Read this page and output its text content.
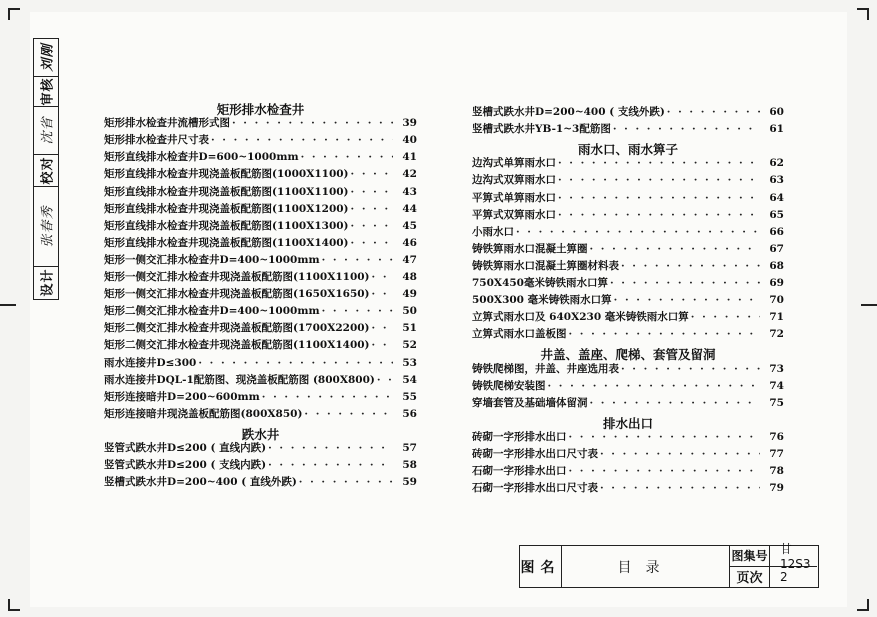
刘刚
审核
沈省
校对
张春秀
设计
矩形排水检查井
矩形排水检查井流槽形式图 · · ·	39
矩形排水检查井尺寸表 · · ·	40
矩形直线排水检查井D=600~1000mm · · ·	41
矩形直线排水检查井现浇盖板配筋图(1000X1100) · · ·	42
矩形直线排水检查井现浇盖板配筋图(1100X1100) · · ·	43
矩形直线排水检查井现浇盖板配筋图(1100X1200) · · ·	44
矩形直线排水检查井现浇盖板配筋图(1100X1300) · · ·	45
矩形直线排水检查井现浇盖板配筋图(1100X1400) · · ·	46
矩形一侧交汇排水检查井D=400~1000mm · · ·	47
矩形一侧交汇排水检查井现浇盖板配筋图(1100X1100) · · ·	48
矩形一侧交汇排水检查井现浇盖板配筋图(1650X1650) · · ·	49
矩形二侧交汇排水检查井D=400~1000mm · · ·	50
矩形二侧交汇排水检查井现浇盖板配筋图(1700X2200) · · ·	51
矩形二侧交汇排水检查井现浇盖板配筋图(1100X1400) · · ·	52
雨水连接井D≤300 · · ·	53
雨水连接井DQL-1配筋图、现浇盖板配筋图 (800X800) · · ·	54
矩形连接暗井D=200~600mm · · ·	55
矩形连接暗井现浇盖板配筋图(800X850) · · ·	56
跌水井
竖管式跌水井D≤200 ( 直线内跌) · · ·	57
竖管式跌水井D≤200 ( 支线内跌) · · ·	58
竖槽式跌水井D=200~400 ( 直线外跌) · · ·	59
竖槽式跌水井D=200~400 ( 支线外跌) · · ·	60
竖槽式跌水井YB-1~3配筋图 · · ·	61
雨水口、雨水箅子
边沟式单箅雨水口 · · ·	62
边沟式双箅雨水口 · · ·	63
平箅式单箅雨水口 · · ·	64
平箅式双箅雨水口 · · ·	65
小雨水口 · · ·	66
铸铁箅雨水口混凝土箅圈 · · ·	67
铸铁箅雨水口混凝土箅圈材料表 · · ·	68
750X450毫米铸铁雨水口箅 · · ·	69
500X300 毫米铸铁雨水口箅 · · ·	70
立箅式雨水口及 640X230 毫米铸铁雨水口箅 · · ·	71
立箅式雨水口盖板图 · · ·	72
井盖、盖座、爬梯、套管及留洞
铸铁爬梯图，井盖、井座选用表 · · ·	73
铸铁爬梯安装图 · · ·	74
穿墙套管及基础墙体留洞 · · ·	75
排水出口
砖砌一字形排水出口 · · ·	76
砖砌一字形排水出口尺寸表 · · ·	77
石砌一字形排水出口 · · ·	78
石砌一字形排水出口尺寸表 · · ·	79
图名	目录
图集号	甘12S3
页次	2
